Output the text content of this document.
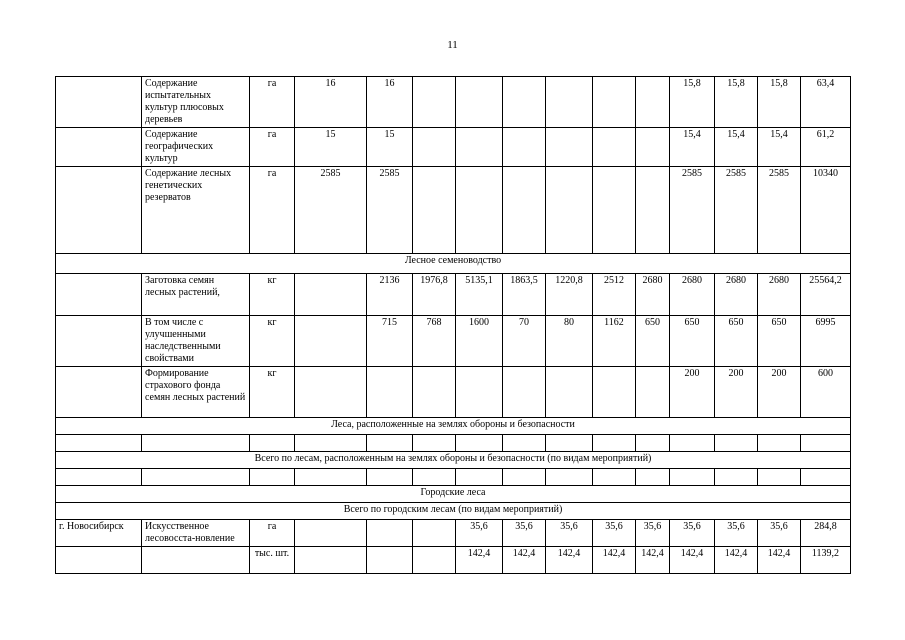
11
	Содержание испытательных культур плюсовых деревьев	га	16	16							15,8	15,8	15,8	63,4
	Содержание географических культур	га	15	15							15,4	15,4	15,4	61,2
	Содержание лесных генетических резерватов	га	2585	2585							2585	2585	2585	10340
Лесное семеноводство														
	Заготовка семян лесных растений,	кг		2136	1976,8	5135,1	1863,5	1220,8	2512	2680	2680	2680	2680	25564,2
	В том числе с улучшенными наследственными свойствами	кг		715	768	1600	70	80	1162	650	650	650	650	6995
	Формирование страхового фонда семян лесных растений	кг									200	200	200	600
Леса, расположенные на землях обороны и безопасности														

Всего по лесам, расположенным на землях обороны и безопасности (по видам мероприятий)														

Городские леса														
Всего по городским лесам (по видам мероприятий)														
г. Новосибирск	Искусственное лесовосста-новление	га				35,6	35,6	35,6	35,6	35,6	35,6	35,6	35,6	284,8
		тыс. шт.				142,4	142,4	142,4	142,4	142,4	142,4	142,4	142,4	1139,2
